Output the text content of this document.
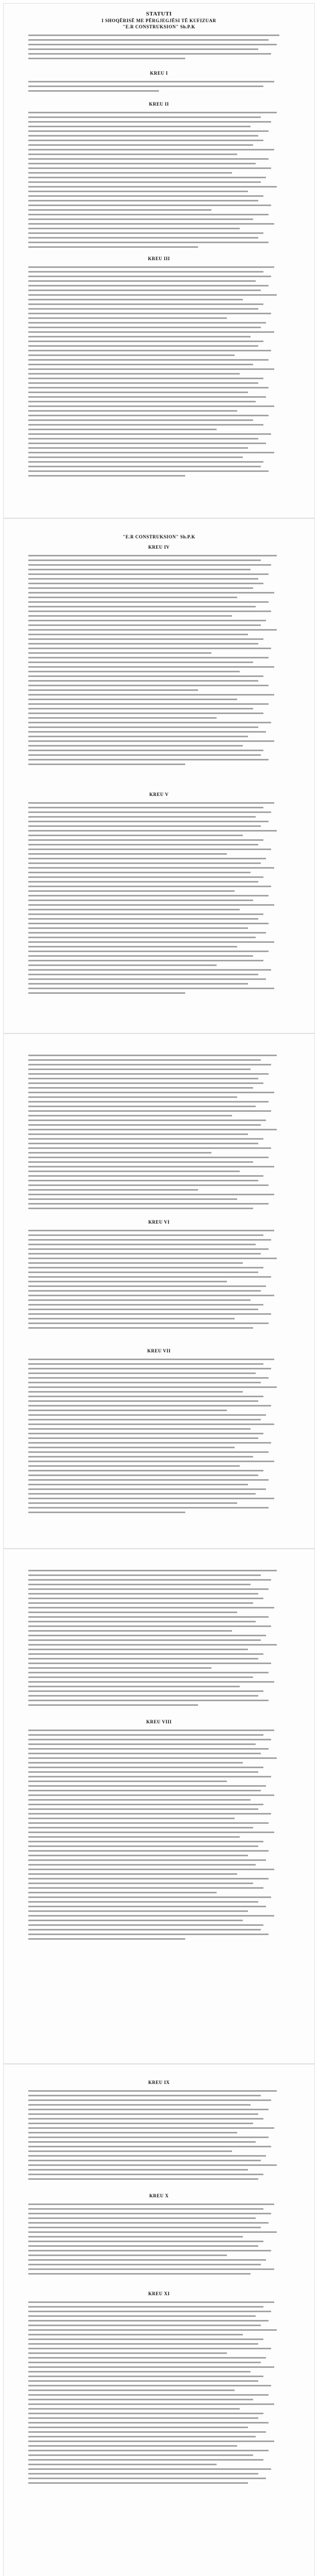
STATUTI
I SHOQËRISË ME PËRGJEGJËSI TË KUFIZUAR
"E.R CONSTRUKSION" Sh.P.K
KREU I
KREU II
KREU III
"E.R CONSTRUKSION" Sh.P.K
KREU IV
KREU V
KREU VI
KREU VII
KREU VIII
KREU IX
KREU X
KREU XI
